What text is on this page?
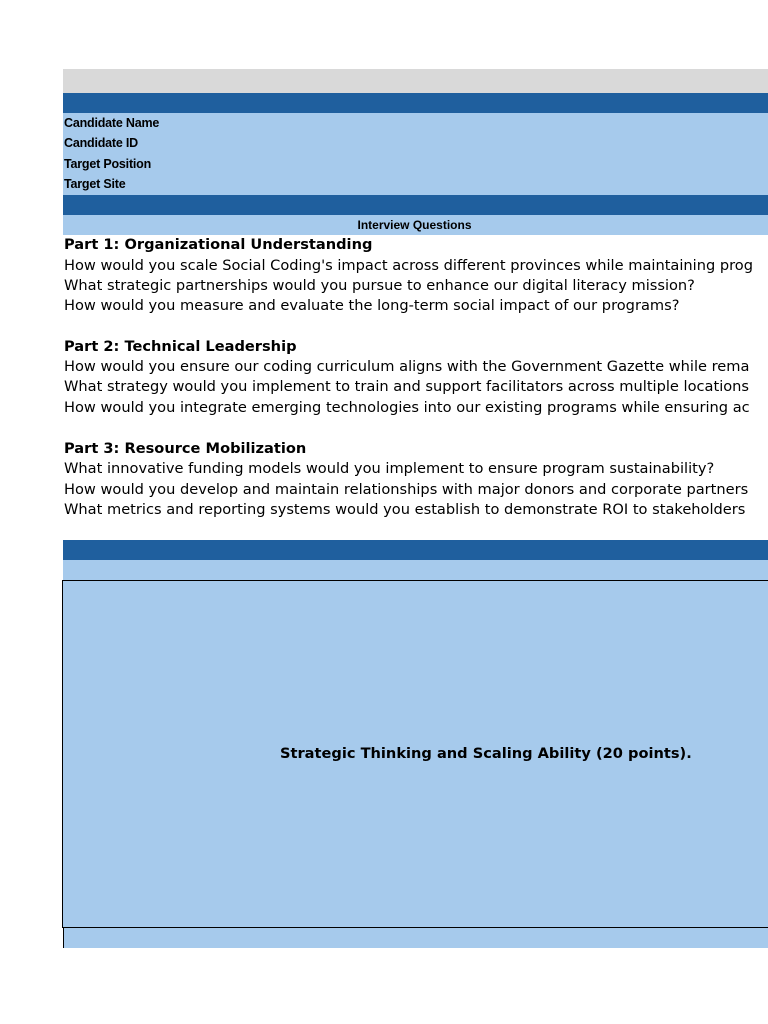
Candidate Name
Candidate ID
Target Position
Target Site
Interview Questions
Part 1: Organizational Understanding
How would you scale Social Coding's impact across different provinces while maintaining prog
What strategic partnerships would you pursue to enhance our digital literacy mission?
How would you measure and evaluate the long-term social impact of our programs?
Part 2: Technical Leadership
How would you ensure our coding curriculum aligns with the Government Gazette while rema
What strategy would you implement to train and support facilitators across multiple locations
How would you integrate emerging technologies into our existing programs while ensuring ac
Part 3: Resource Mobilization
What innovative funding models would you implement to ensure program sustainability?
How would you develop and maintain relationships with major donors and corporate partners
What metrics and reporting systems would you establish to demonstrate ROI to stakeholders
Strategic Thinking and Scaling Ability (20 points).
